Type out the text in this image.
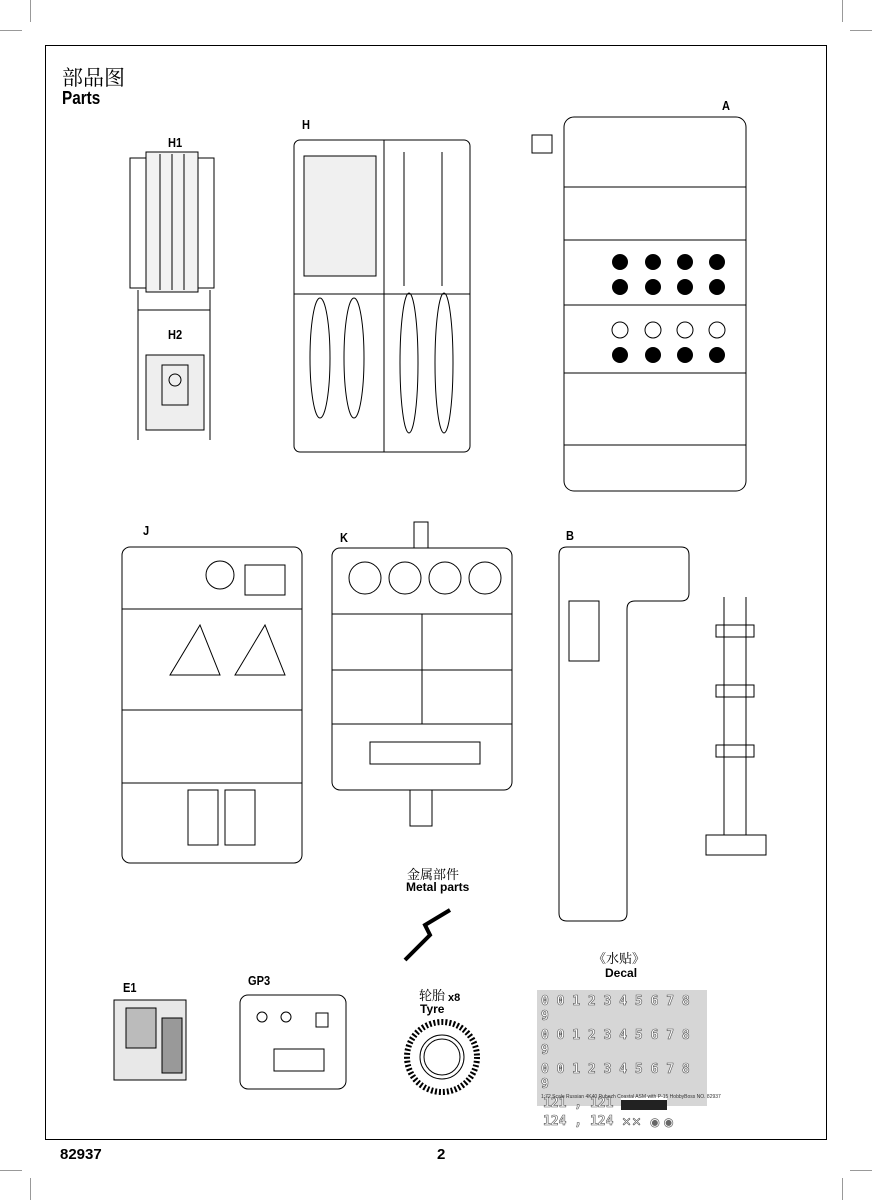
部品图
Parts
H1
H2
H
A
J	K	B
E1	GP3
金属部件
Metal parts
轮胎
Tyre
x8
《水贴》
Decal
0 0 1 2 3 4 5 6 7 8 9
0 0 1 2 3 4 5 6 7 8 9
0 0 1 2 3 4 5 6 7 8 9
121 , 121
124 , 124 ✕✕ ◉ ◉
1:72 Scale Russian 4K40 Rubezh Coastal ASM with P-15 HobbyBoss NO. 82937
82937	2
